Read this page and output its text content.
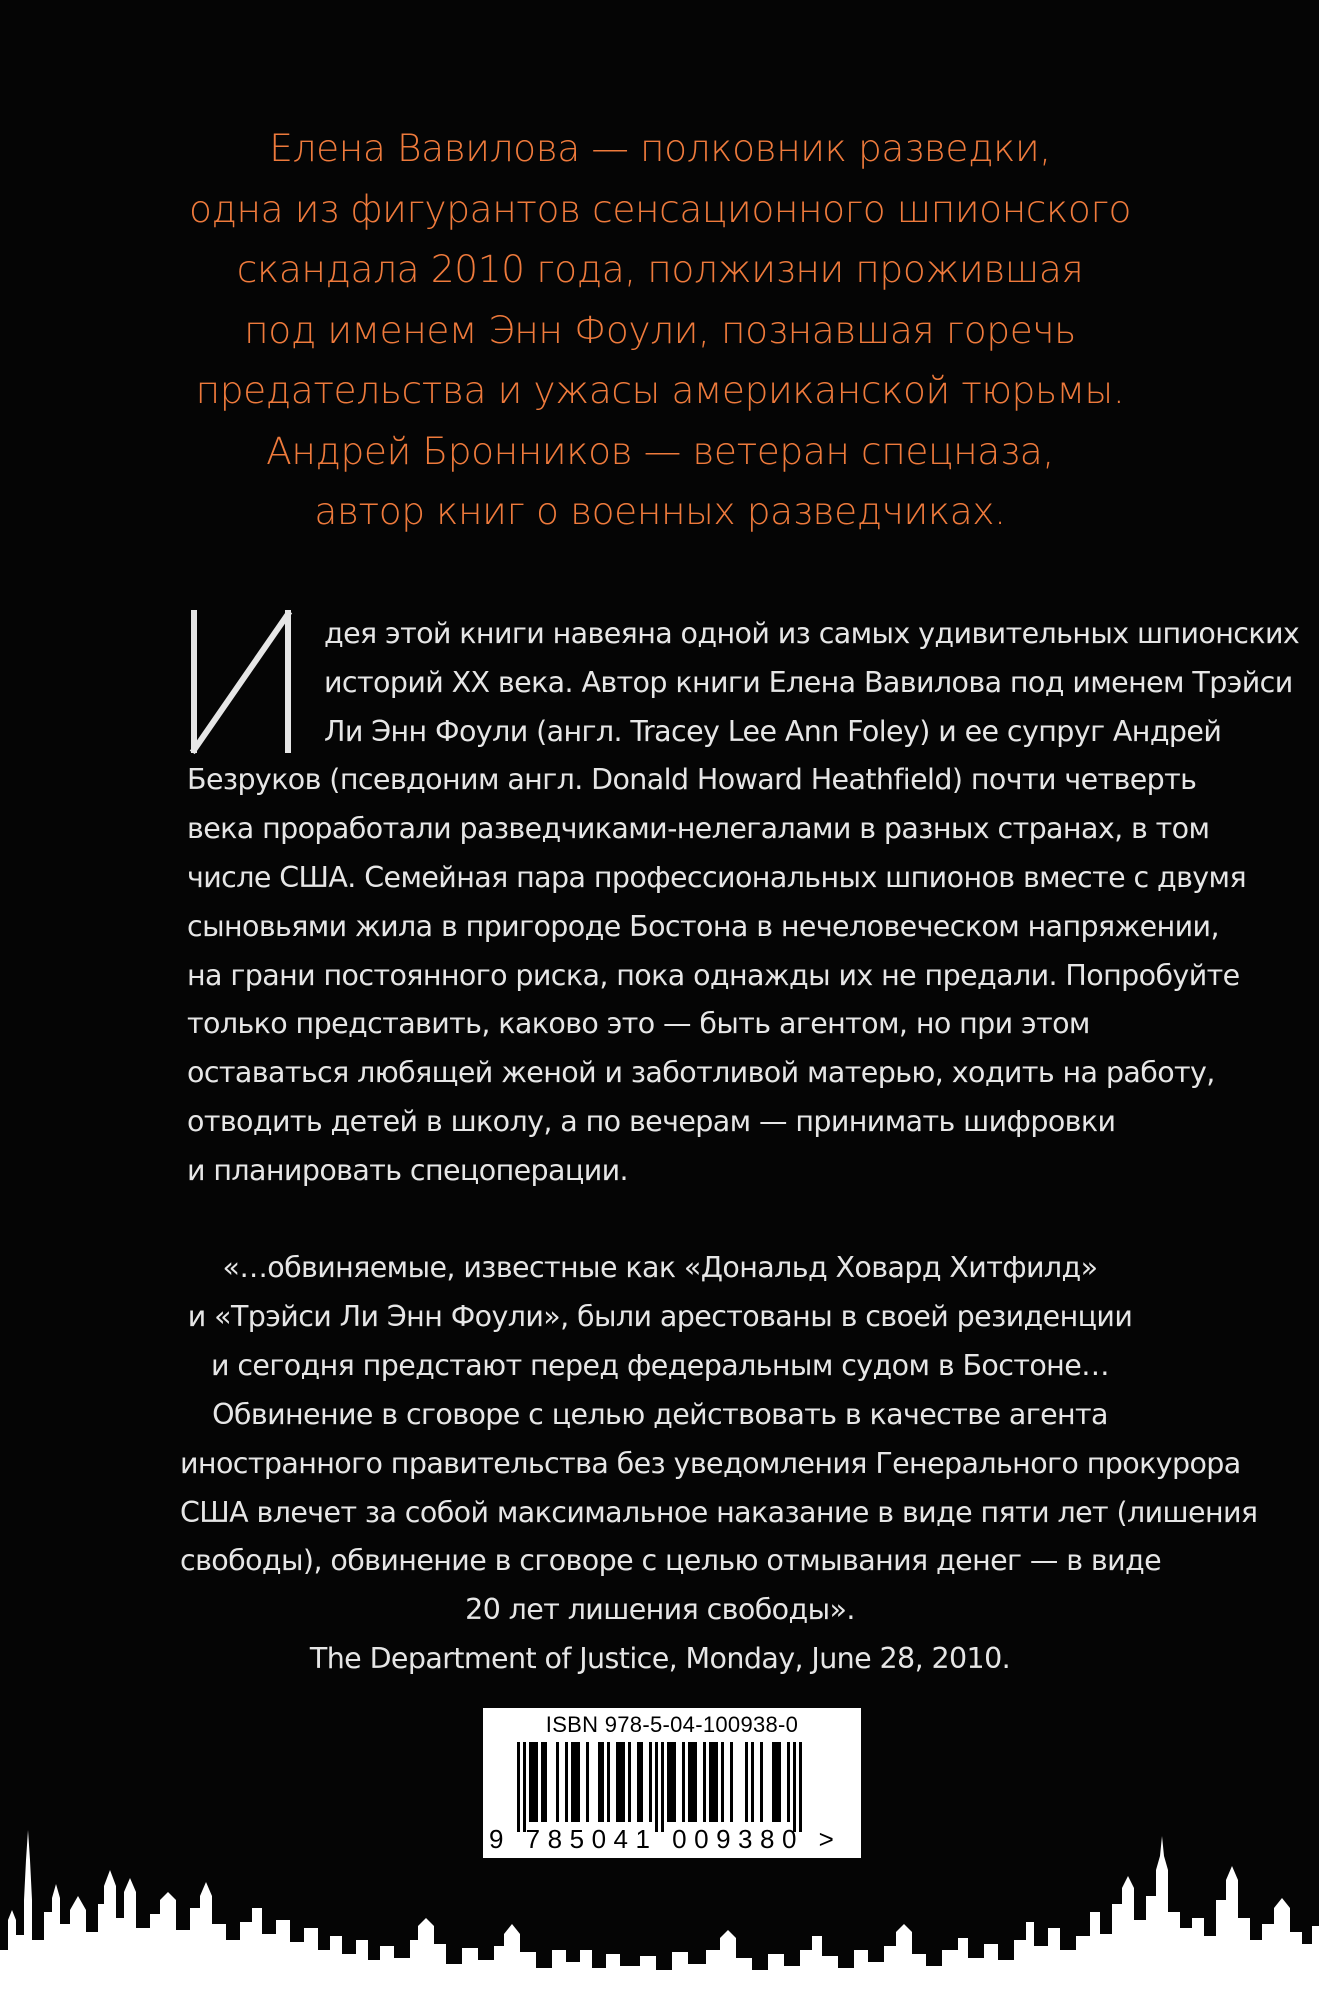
Елена Вавилова — полковник разведки,
одна из фигурантов сенсационного шпионского
скандала 2010 года, полжизни прожившая
под именем Энн Фоули, познавшая горечь
предательства и ужасы американской тюрьмы.
Андрей Бронников — ветеран спецназа,
автор книг о военных разведчиках.
дея этой книги навеяна одной из самых удивительных шпионских
историй XX века. Автор книги Елена Вавилова под именем Трэйси
Ли Энн Фоули (англ. Tracey Lee Ann Foley) и ее супруг Андрей
Безруков (псевдоним англ. Donald Howard Heathfield) почти четверть
века проработали разведчиками-нелегалами в разных странах, в том
числе США. Семейная пара профессиональных шпионов вместе с двумя
сыновьями жила в пригороде Бостона в нечеловеческом напряжении,
на грани постоянного риска, пока однажды их не предали. Попробуйте
только представить, каково это — быть агентом, но при этом
оставаться любящей женой и заботливой матерью, ходить на работу,
отводить детей в школу, а по вечерам — принимать шифровки
и планировать спецоперации.
«…обвиняемые, известные как «Дональд Ховард Хитфилд»
и «Трэйси Ли Энн Фоули», были арестованы в своей резиденции
и сегодня предстают перед федеральным судом в Бостоне…
Обвинение в сговоре с целью действовать в качестве агента
иностранного правительства без уведомления Генерального прокурора
США влечет за собой максимальное наказание в виде пяти лет (лишения
свободы), обвинение в сговоре с целью отмывания денег — в виде
20 лет лишения свободы».
The Department of Justice, Monday, June 28, 2010.
ISBN 978-5-04-100938-0
9 785041 009380 >
